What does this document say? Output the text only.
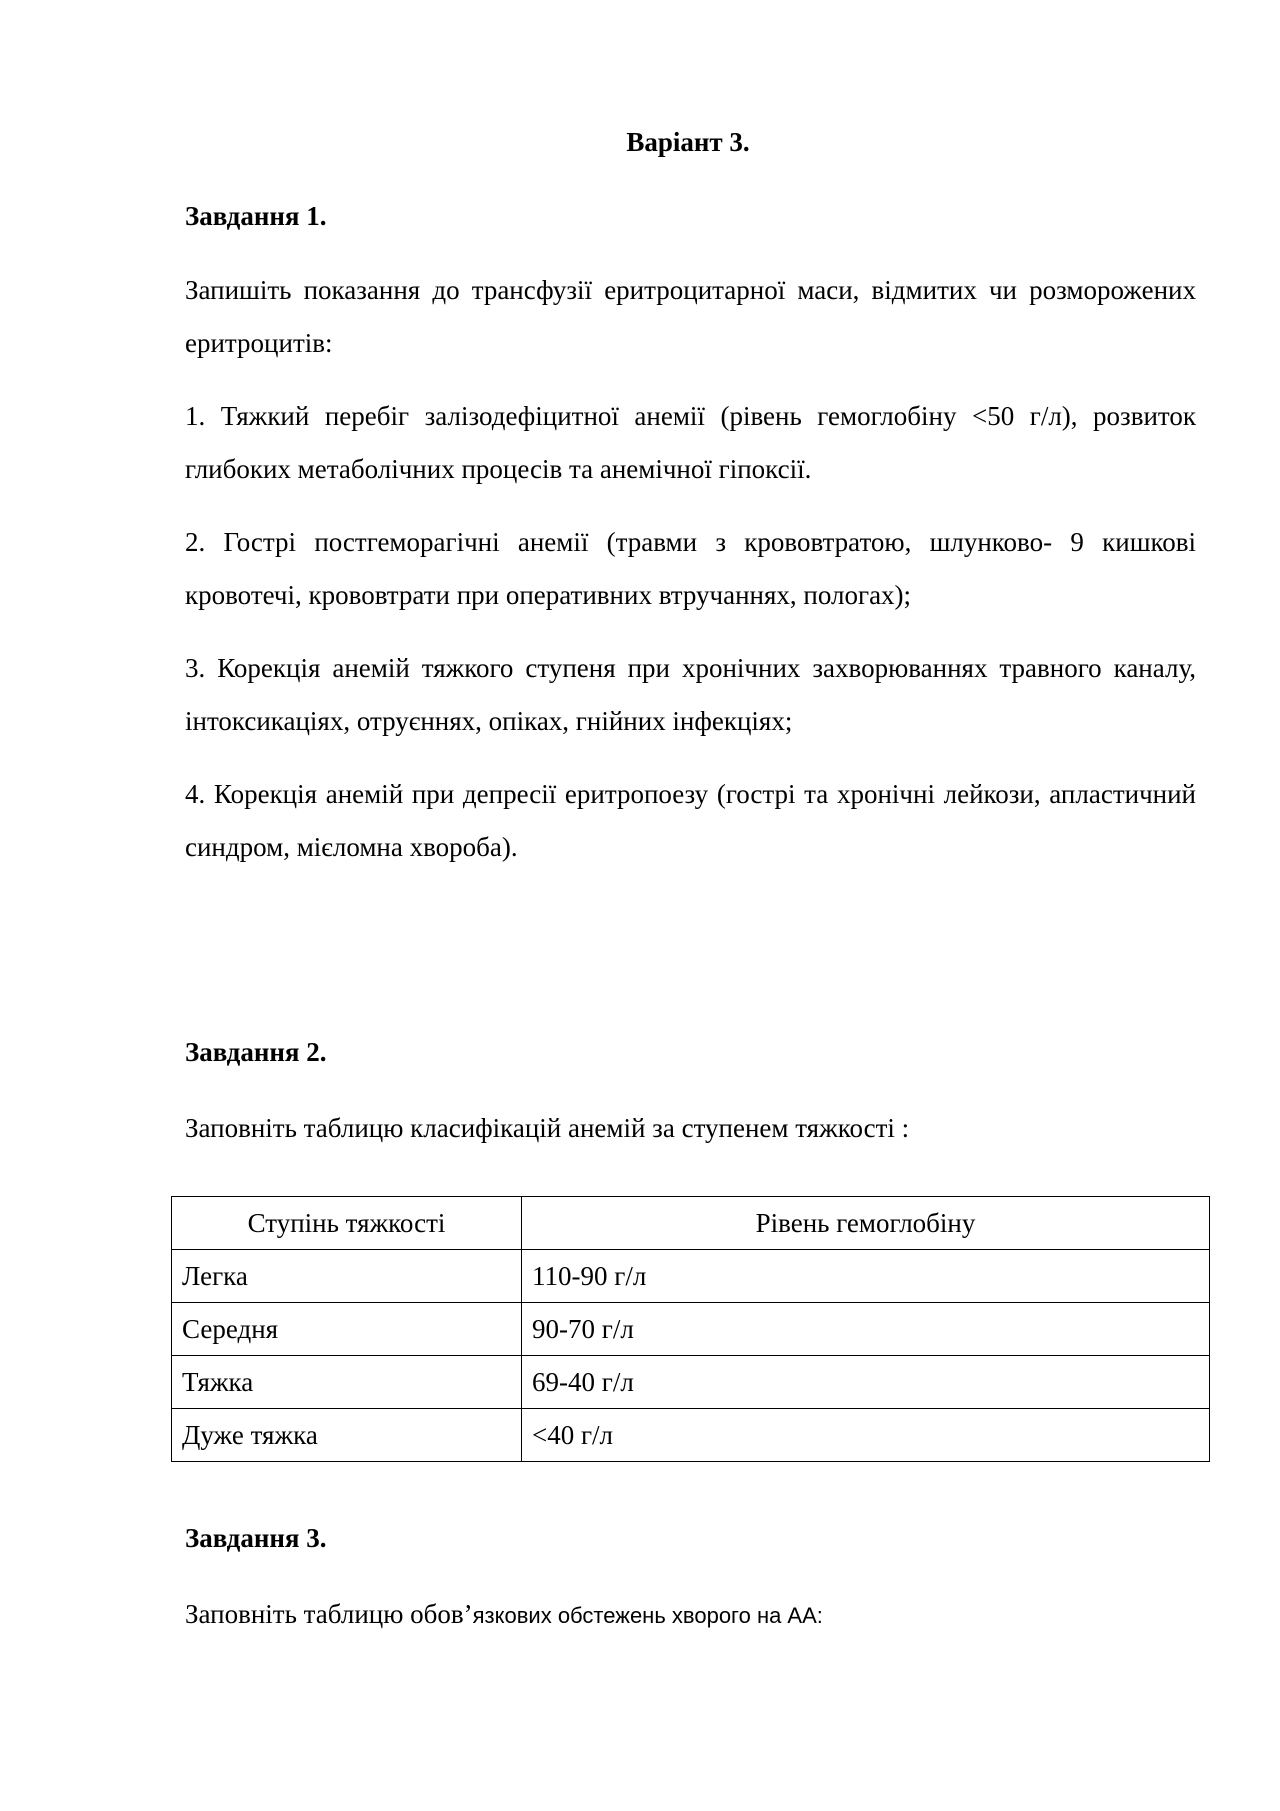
Варіант 3.
Завдання 1.
Запишіть показання до трансфузії еритроцитарної маси, відмитих чи розморожених еритроцитів:
1. Тяжкий перебіг залізодефіцитної анемії (рівень гемоглобіну <50 г/л), розвиток глибоких метаболічних процесів та анемічної гіпоксії.
2. Гострі постгеморагічні анемії (травми з крововтратою, шлунково- 9 кишкові кровотечі, крововтрати при оперативних втручаннях, пологах);
3. Корекція анемій тяжкого ступеня при хронічних захворюваннях травного каналу, інтоксикаціях, отруєннях, опіках, гнійних інфекціях;
4. Корекція анемій при депресії еритропоезу (гострі та хронічні лейкози, апластичний синдром, мієломна хвороба).
Завдання 2.
Заповніть таблицю класифікацій анемій за ступенем тяжкості :
Ступінь тяжкості	Рівень гемоглобіну
Легка	110-90 г/л
Середня	90-70 г/л
Тяжка	69-40 г/л
Дуже тяжка	<40 г/л
Завдання 3.
Заповніть таблицю обов’язкових обстежень хворого на АА:
